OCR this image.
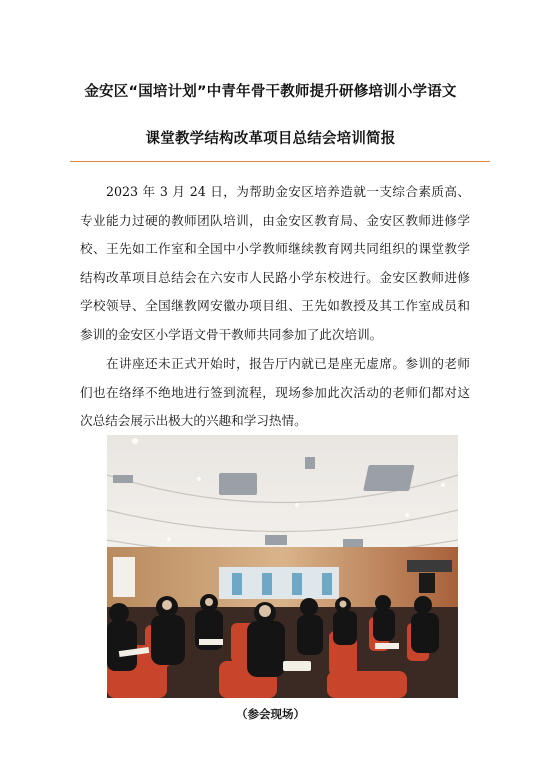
金安区“国培计划”中青年骨干教师提升研修培训小学语文
课堂教学结构改革项目总结会培训简报

2023 年 3 月 24 日，为帮助金安区培养造就一支综合素质高、专业能力过硬的教师团队培训，由金安区教育局、金安区教师进修学校、王先如工作室和全国中小学教师继续教育网共同组织的课堂教学结构改革项目总结会在六安市人民路小学东校进行。金安区教师进修学校领导、全国继教网安徽办项目组、王先如教授及其工作室成员和参训的金安区小学语文骨干教师共同参加了此次培训。

在讲座还未正式开始时，报告厅内就已是座无虚席。参训的老师们也在络绎不绝地进行签到流程，现场参加此次活动的老师们都对这次总结会展示出极大的兴趣和学习热情。

（参会现场）
